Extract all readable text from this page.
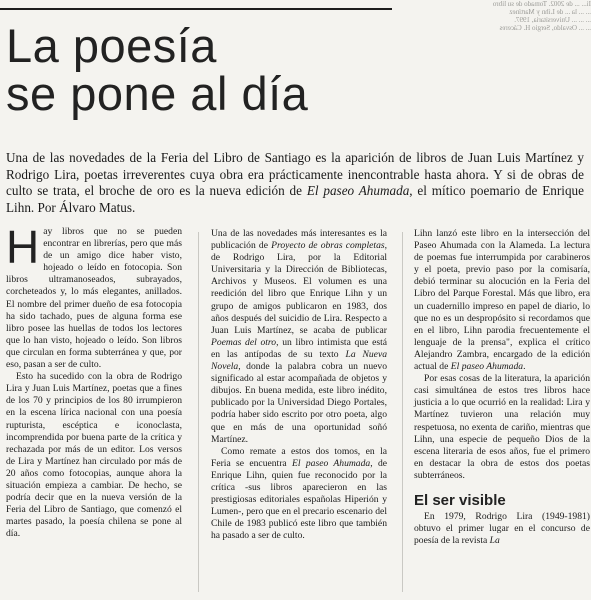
Ii... ... de 2002. Tomado de su libro

... ... la ... de Lihn y Martínez

... ... ... Universitaria, 1997.

... ... Osvaldo, Sergio H. Cáceres

La poesía
se pone al día

Una de las novedades de la Feria del Libro de Santiago es la aparición de libros de Juan Luis Martínez y Rodrigo Lira, poetas irreverentes cuya obra era prácticamente inencontrable hasta ahora. Y si de obras de culto se trata, el broche de oro es la nueva edición de El paseo Ahumada, el mítico poemario de Enrique Lihn. Por Álvaro Matus.

Hay libros que no se pueden encontrar en librerías, pero que más de un amigo dice haber visto, hojeado o leído en fotocopia. Son libros ultramanoseados, subrayados, corcheteados y, lo más elegantes, anillados. El nombre del primer dueño de esa fotocopia ha sido tachado, pues de alguna forma ese libro posee las huellas de todos los lectores que lo han visto, hojeado o leído. Son libros que circulan en forma subterránea y que, por eso, pasan a ser de culto.

Esto ha sucedido con la obra de Rodrigo Lira y Juan Luis Martínez, poetas que a fines de los 70 y principios de los 80 irrumpieron en la escena lírica nacional con una poesía rupturista, escéptica e iconoclasta, incomprendida por buena parte de la crítica y rechazada por más de un editor. Los versos de Lira y Martínez han circulado por más de 20 años como fotocopias, aunque ahora la situación empieza a cambiar. De hecho, se podría decir que en la nueva versión de la Feria del Libro de Santiago, que comenzó el martes pasado, la poesía chilena se pone al día.

Una de las novedades más interesantes es la publicación de Proyecto de obras completas, de Rodrigo Lira, por la Editorial Universitaria y la Dirección de Bibliotecas, Archivos y Museos. El volumen es una reedición del libro que Enrique Lihn y un grupo de amigos publicaron en 1983, dos años después del suicidio de Lira. Respecto a Juan Luis Martínez, se acaba de publicar Poemas del otro, un libro intimista que está en las antípodas de su texto La Nueva Novela, donde la palabra cobra un nuevo significado al estar acompañada de objetos y dibujos. En buena medida, este libro inédito, publicado por la Universidad Diego Portales, podría haber sido escrito por otro poeta, algo que en más de una oportunidad soñó Martínez.

Como remate a estos dos tomos, en la Feria se encuentra El paseo Ahumada, de Enrique Lihn, quien fue reconocido por la crítica -sus libros aparecieron en las prestigiosas editoriales españolas Hiperión y Lumen-, pero que en el precario escenario del Chile de 1983 publicó este libro que también ha pasado a ser de culto.

Lihn lanzó este libro en la intersección del Paseo Ahumada con la Alameda. La lectura de poemas fue interrumpida por carabineros y el poeta, previo paso por la comisaría, debió terminar su alocución en la Feria del Libro del Parque Forestal. Más que libro, era un cuadernillo impreso en papel de diario, lo que no es un despropósito si recordamos que en el libro, Lihn parodia frecuentemente el lenguaje de la prensa", explica el crítico Alejandro Zambra, encargado de la edición actual de El paseo Ahumada.

Por esas cosas de la literatura, la aparición casi simultánea de estos tres libros hace justicia a lo que ocurrió en la realidad: Lira y Martínez tuvieron una relación muy respetuosa, no exenta de cariño, mientras que Lihn, una especie de pequeño Dios de la escena literaria de esos años, fue el primero en destacar la obra de estos dos poetas subterráneos.

El ser visible

En 1979, Rodrigo Lira (1949-1981) obtuvo el primer lugar en el concurso de poesía de la revista La
